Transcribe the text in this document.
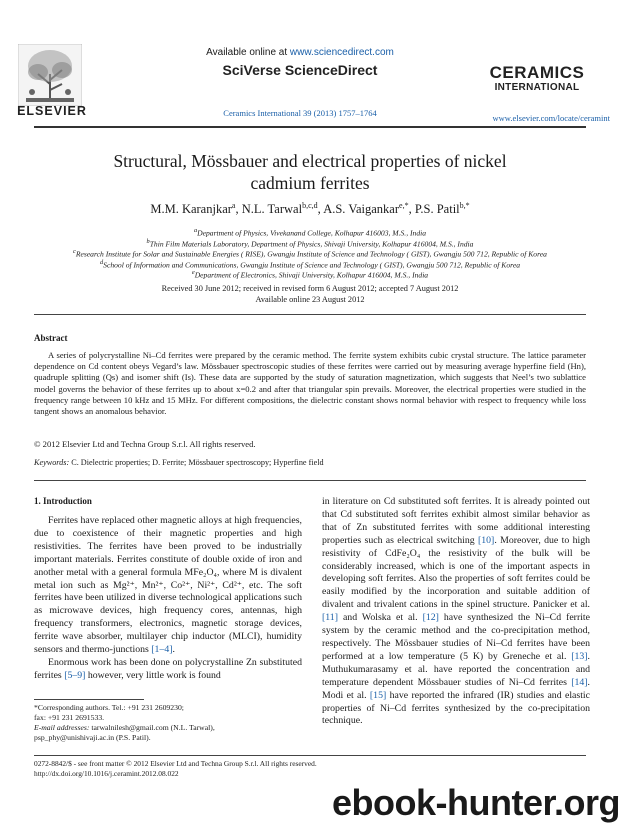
ELSEVIER
Available online at www.sciencedirect.com
SciVerse ScienceDirect
Ceramics International 39 (2013) 1757–1764
CERAMICS
INTERNATIONAL
www.elsevier.com/locate/ceramint
Structural, Mössbauer and electrical properties of nickel
cadmium ferrites
M.M. Karanjkar$^a$, N.L. Tarwal$^{b,c,d}$, A.S. Vaigankar$^{e,*}$, P.S. Patil$^{b,*}$
$^a$Department of Physics, Vivekanand College, Kolhapur 416003, M.S., India
$^b$Thin Film Materials Laboratory, Department of Physics, Shivaji University, Kolhapur 416004, M.S., India
$^c$Research Institute for Solar and Sustainable Energies ( RISE), Gwangju Institute of Science and Technology ( GIST), Gwangju 500 712, Republic of Korea
$^d$School of Information and Communications, Gwangju Institute of Science and Technology ( GIST), Gwangju 500 712, Republic of Korea
$^e$Department of Electronics, Shivaji University, Kolhapur 416004, M.S., India
Received 30 June 2012; received in revised form 6 August 2012; accepted 7 August 2012
Available online 23 August 2012
Abstract
A series of polycrystalline Ni–Cd ferrites were prepared by the ceramic method. The ferrite system exhibits cubic crystal structure. The lattice parameter dependence on Cd content obeys Vegard’s law. Mössbauer spectroscopic studies of these ferrites were carried out by measuring average hyperfine field (Hn), quadruple splitting (Qs) and isomer shift (Is). These data are supported by the study of saturation magnetization, which suggests that Neel’s two sublattice model governs the behavior of these ferrites up to about x=0.2 and after that triangular spin prevails. Moreover, the electrical properties were studied in the frequency range between 10 kHz and 15 MHz. For different compositions, the dielectric constant shows normal behavior with respect to frequency while loss tangent shows an anomalous behavior.
© 2012 Elsevier Ltd and Techna Group S.r.l. All rights reserved.
Keywords: C. Dielectric properties; D. Ferrite; Mössbauer spectroscopy; Hyperfine field
1. Introduction

Ferrites have replaced other magnetic alloys at high frequencies, due to coexistence of their magnetic properties and high resistivities. The ferrites have been proved to be industrially important materials. Ferrites constitute of double oxide of iron and another metal with a general formula MFe₂O₄, where M is divalent metal ion such as Mg²⁺, Mn²⁺, Co²⁺, Ni²⁺, Cd²⁺, etc. The soft ferrites have been utilized in diverse technological applications such as microwave devices, high frequency cores, antennas, high frequency transformers, electronics, magnetic storage devices, ferrite wave absorber, multilayer chip inductor (MLCI), humidity sensors and thermo-junctions [1–4].

Enormous work has been done on polycrystalline Zn substituted ferrites [5–9] however, very little work is found

in literature on Cd substituted soft ferrites. It is already pointed out that Cd substituted soft ferrites exhibit almost similar behavior as that of Zn substituted ferrites with some additional interesting properties such as electrical switching [10]. Moreover, due to high resistivity of CdFe₂O₄ the resistivity of the bulk will be considerably increased, which is one of the important aspects in developing soft ferrites. Also the properties of soft ferrites could be easily modified by the incorporation and suitable addition of divalent and trivalent cations in the spinel structure. Panicker et al. [11] and Wolska et al. [12] have synthesized the Ni–Cd ferrite system by the ceramic method and the co-precipitation method, respectively. The Mössbauer studies of Ni–Cd ferrites have been performed at a low temperature (5 K) by Greneche et al. [13]. Muthukumarasamy et al. have reported the concentration and temperature dependent Mössbauer studies of Ni–Cd ferrites [14]. Modi et al. [15] have reported the infrared (IR) studies and elastic properties of Ni–Cd ferrites synthesized by the co-precipitation technique.

*Corresponding authors. Tel.: +91 231 2609230;
fax: +91 231 2691533.
E-mail addresses: tarwalnilesh@gmail.com (N.L. Tarwal),
psp_phy@unishivaji.ac.in (P.S. Patil).
0272-8842/$ - see front matter © 2012 Elsevier Ltd and Techna Group S.r.l. All rights reserved.
http://dx.doi.org/10.1016/j.ceramint.2012.08.022
ebook-hunter.org
